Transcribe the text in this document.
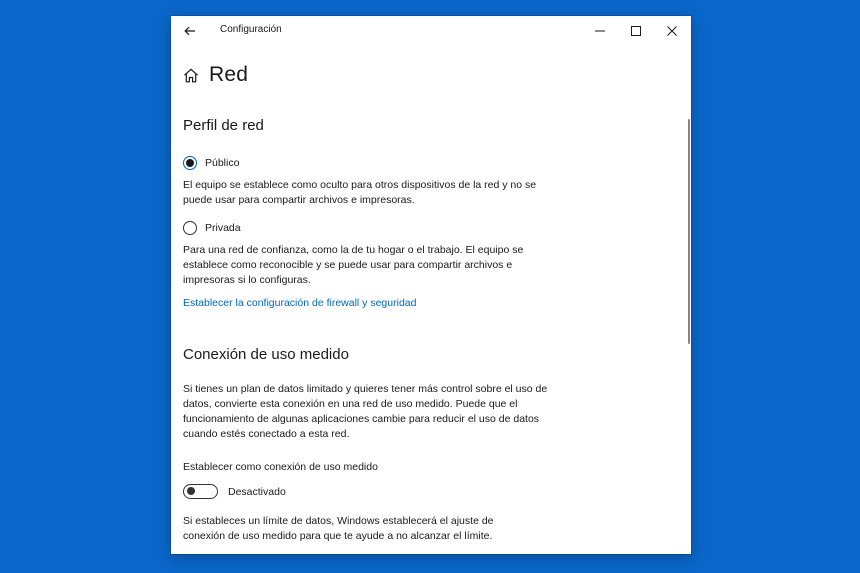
Configuración
Red
Perfil de red
Público
El equipo se establece como oculto para otros dispositivos de la red y no se puede usar para compartir archivos e impresoras.
Privada
Para una red de confianza, como la de tu hogar o el trabajo. El equipo se establece como reconocible y se puede usar para compartir archivos e impresoras si lo configuras.
Establecer la configuración de firewall y seguridad
Conexión de uso medido
Si tienes un plan de datos limitado y quieres tener más control sobre el uso de datos, convierte esta conexión en una red de uso medido. Puede que el funcionamiento de algunas aplicaciones cambie para reducir el uso de datos cuando estés conectado a esta red.
Establecer como conexión de uso medido
Desactivado
Si estableces un límite de datos, Windows establecerá el ajuste de conexión de uso medido para que te ayude a no alcanzar el límite.
